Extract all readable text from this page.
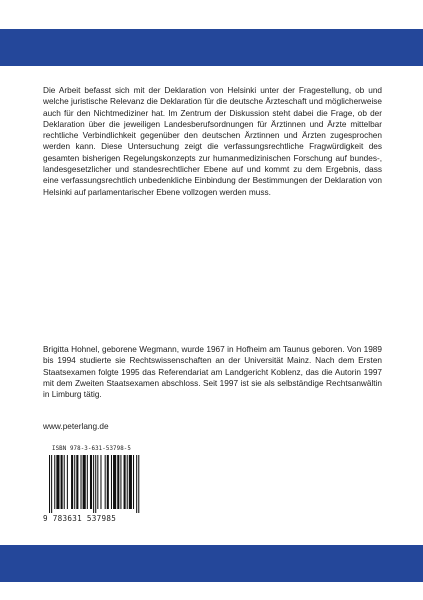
Die Arbeit befasst sich mit der Deklaration von Helsinki unter der Fragestellung, ob und welche juristische Relevanz die Deklaration für die deutsche Ärzteschaft und möglicherweise auch für den Nichtmediziner hat. Im Zentrum der Diskussion steht dabei die Frage, ob der Deklaration über die jeweiligen Landesberufsordnungen für Ärztinnen und Ärzte mittelbar rechtliche Verbindlichkeit gegenüber den deutschen Ärztinnen und Ärzten zugesprochen werden kann. Diese Untersuchung zeigt die verfassungsrechtliche Fragwürdigkeit des gesamten bisherigen Regelungskonzepts zur humanmedizinischen Forschung auf bundes-, landesgesetzlicher und standesrechtlicher Ebene auf und kommt zu dem Ergebnis, dass eine verfassungsrechtlich unbedenkliche Einbindung der Bestimmungen der Deklaration von Helsinki auf parlamentarischer Ebene vollzogen werden muss.

Brigitta Hohnel, geborene Wegmann, wurde 1967 in Hofheim am Taunus geboren. Von 1989 bis 1994 studierte sie Rechtswissenschaften an der Universität Mainz. Nach dem Ersten Staatsexamen folgte 1995 das Referendariat am Landgericht Koblenz, das die Autorin 1997 mit dem Zweiten Staatsexamen abschloss. Seit 1997 ist sie als selbständige Rechtsanwältin in Limburg tätig.

www.peterlang.de

ISBN 978-3-631-53798-5
9 783631 537985
